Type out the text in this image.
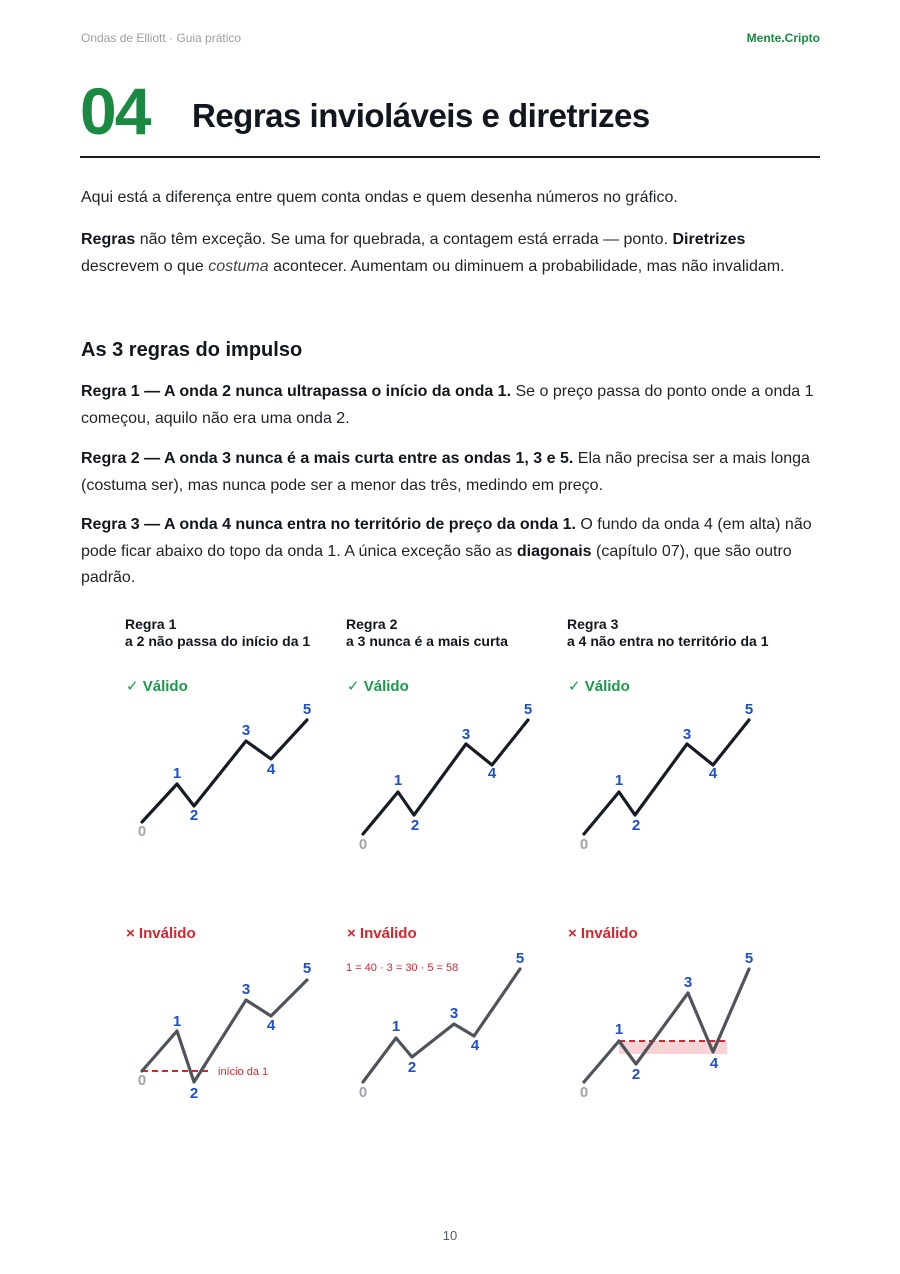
Ondas de Elliott · Guia prático	Mente.Cripto
04 Regras invioláveis e diretrizes

Aqui está a diferença entre quem conta ondas e quem desenha números no gráfico.

Regras não têm exceção. Se uma for quebrada, a contagem está errada — ponto. Diretrizes descrevem o que costuma acontecer. Aumentam ou diminuem a probabilidade, mas não invalidam.

As 3 regras do impulso

Regra 1 — A onda 2 nunca ultrapassa o início da onda 1. Se o preço passa do ponto onde a onda 1 começou, aquilo não era uma onda 2.

Regra 2 — A onda 3 nunca é a mais curta entre as ondas 1, 3 e 5. Ela não precisa ser a mais longa (costuma ser), mas nunca pode ser a menor das três, medindo em preço.

Regra 3 — A onda 4 nunca entra no território de preço da onda 1. O fundo da onda 4 (em alta) não pode ficar abaixo do topo da onda 1. A única exceção são as diagonais (capítulo 07), que são outro padrão.

Regra 1
a 2 não passa do início da 1
Regra 2
a 3 nunca é a mais curta
Regra 3
a 4 não entra no território da 1
✓ Válido	✓ Válido	✓ Válido
× Inválido	× Inválido	× Inválido
0
1
2
3
4
5
0
1
2
3
4
5
0
1
2
3
4
5
0
1
2
3
4
5
início da 1
1 = 40 · 3 = 30 · 5 = 58
0
1
2
3
4
5
0
1
2
3
4
5
10
